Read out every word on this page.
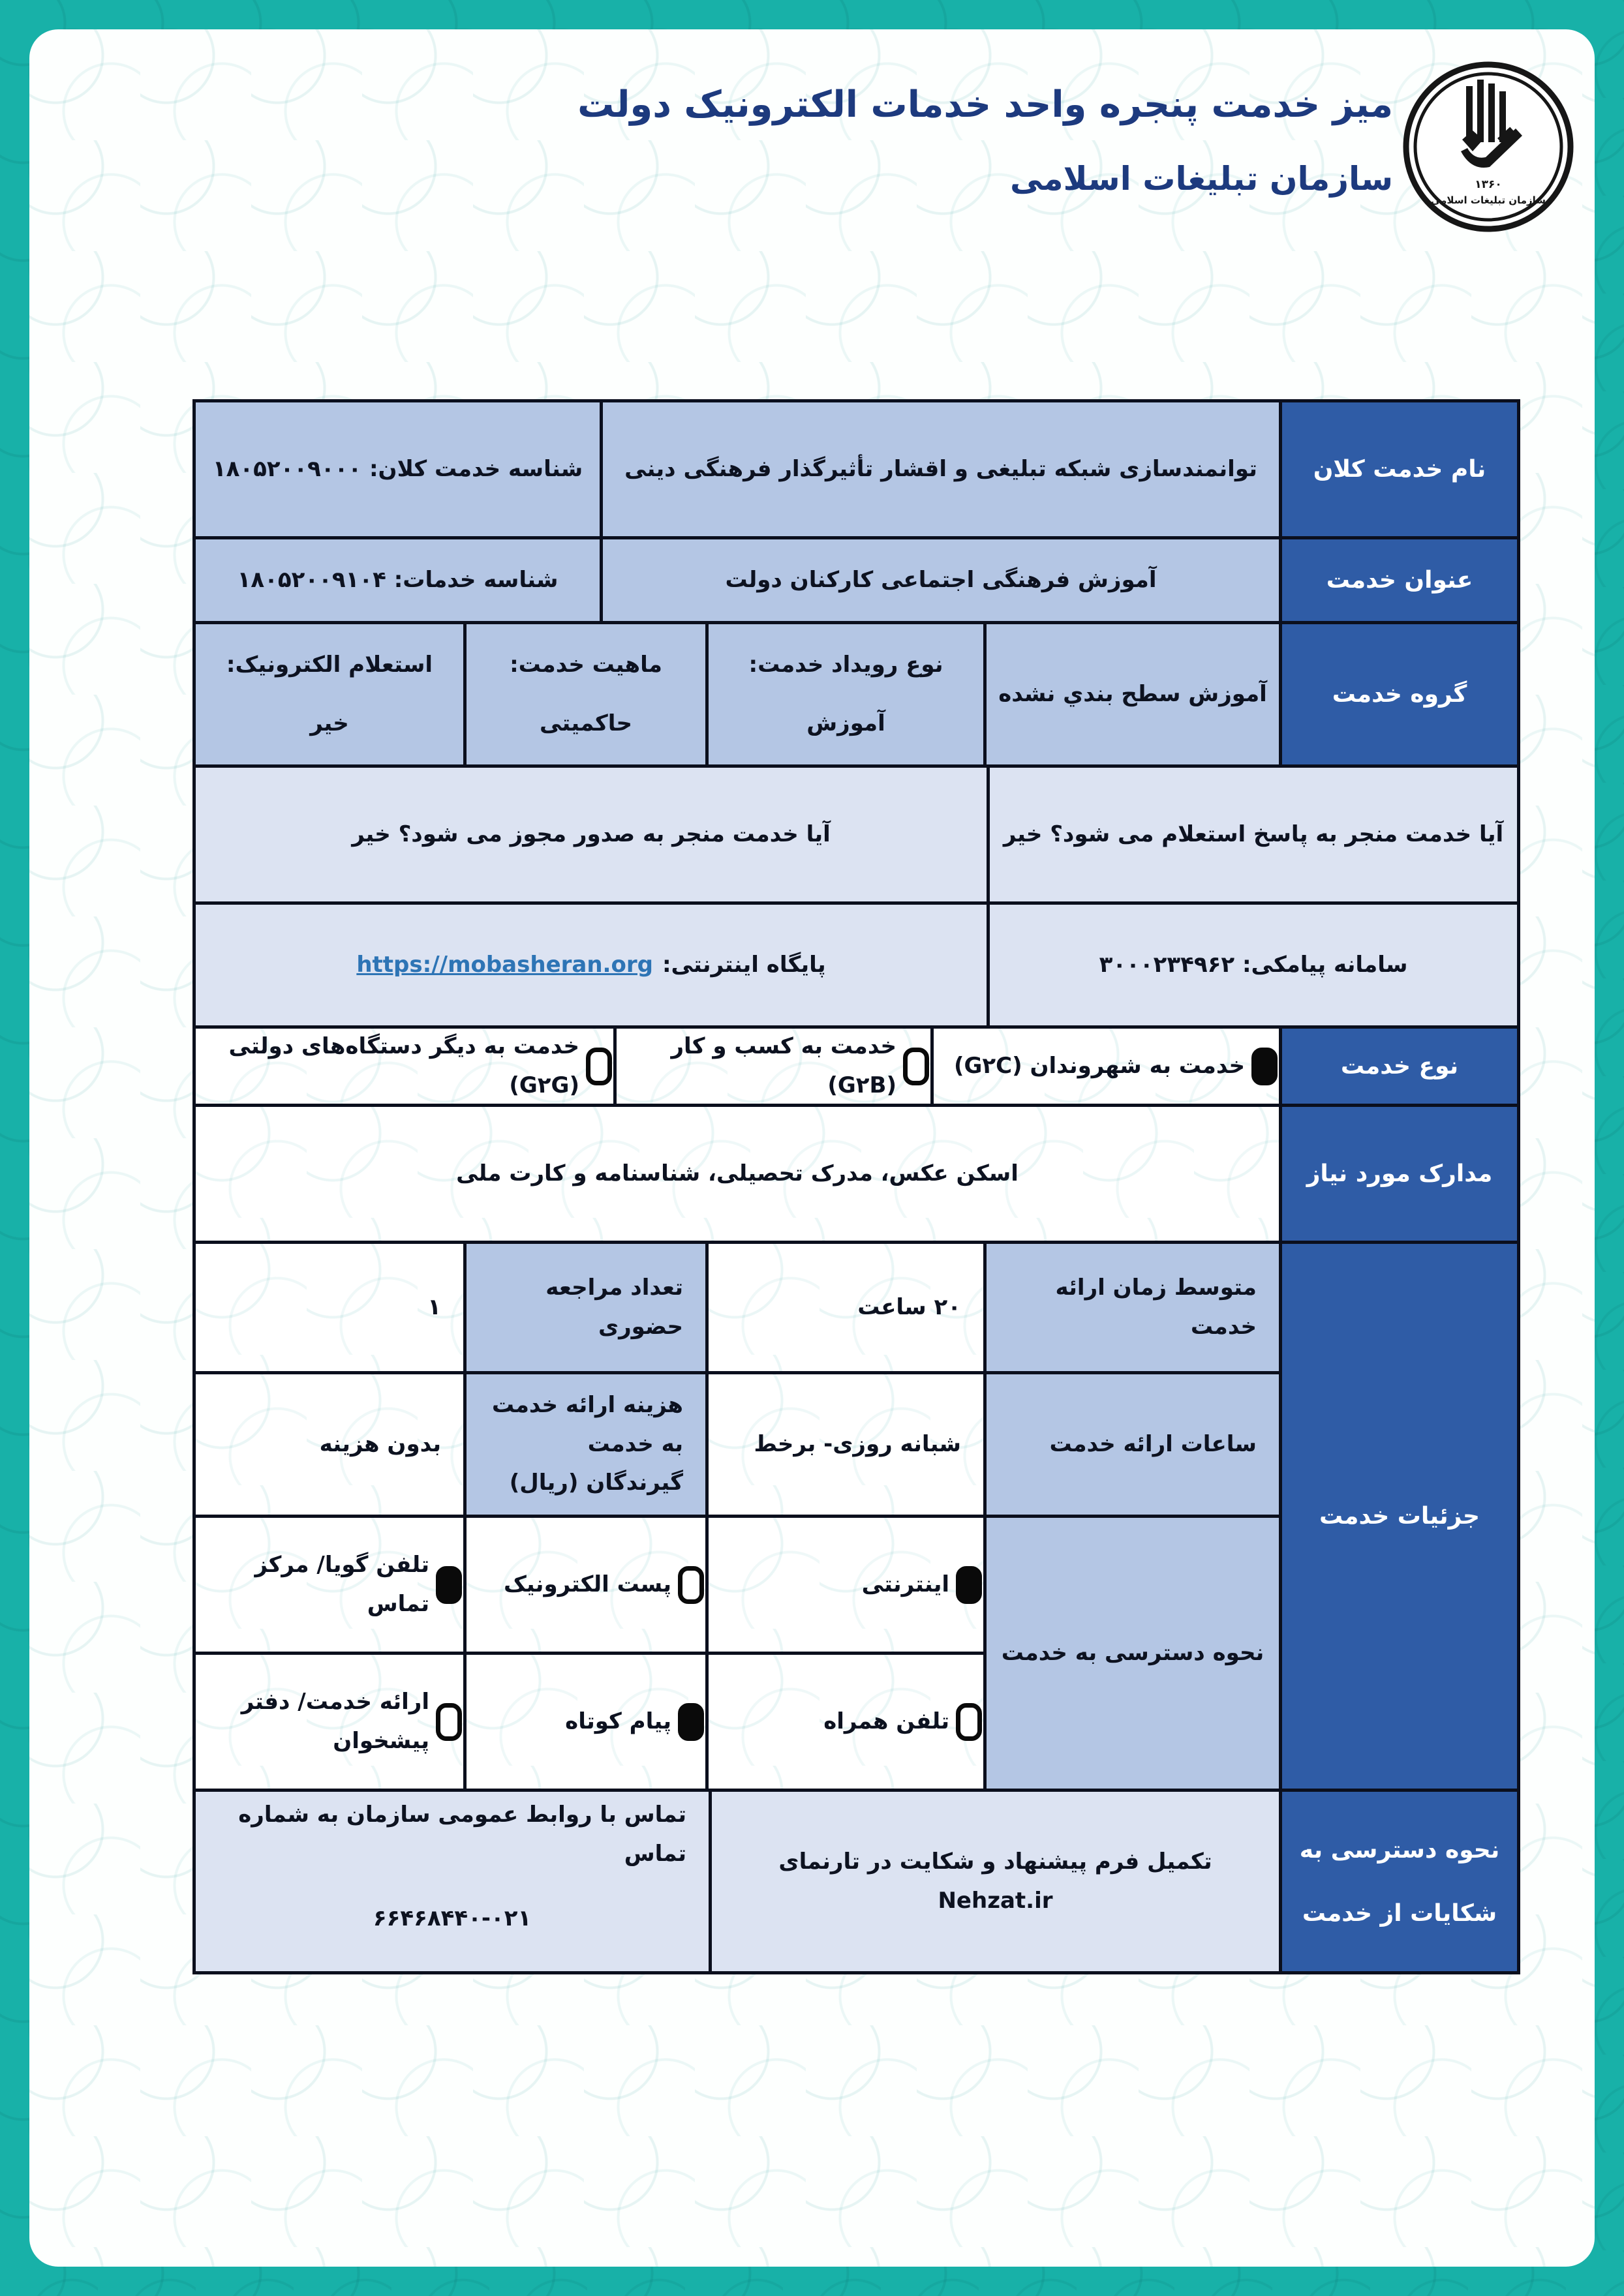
میز خدمت پنجره واحد خدمات الکترونیک دولت
سازمان تبلیغات اسلامی	۱۳۶۰
سازمان تبلیغات اسلامی
نام خدمت کلان
توانمندسازی شبکه تبلیغی و اقشار تأثیرگذار فرهنگی دینی
شناسه خدمت کلان: ۱۸۰۵۲۰۰۹۰۰۰
عنوان خدمت
آموزش فرهنگی اجتماعی کارکنان دولت
شناسه خدمات: ۱۸۰۵۲۰۰۹۱۰۴
گروه خدمت
آموزش سطح بندي نشده
نوع رویداد خدمت:
آموزش
ماهیت خدمت:
حاکمیتی
استعلام الکترونیک:
خیر
آیا خدمت منجر به پاسخ استعلام می شود؟ خیر
آیا خدمت منجر به صدور مجوز می شود؟ خیر
سامانه پیامکی: ۳۰۰۰۲۳۴۹۶۲
پایگاه اینترنتی:
https://mobasheran.org
نوع خدمت
خدمت به شهروندان (G۲C)
خدمت به کسب و کار (G۲B)
خدمت به دیگر دستگاه‌های دولتی (G۲G)
مدارک مورد نیاز
اسکن عکس، مدرک تحصیلی، شناسنامه و کارت ملی
جزئیات خدمت
متوسط زمان ارائه خدمت
۲۰ ساعت
تعداد مراجعه حضوری
۱
ساعات ارائه خدمت
شبانه روزی- برخط
هزینه ارائه خدمت به خدمت گیرندگان (ریال)
بدون هزینه
نحوه دسترسی به خدمت
اینترنتی
پست الکترونیک
تلفن گویا/ مرکز تماس
تلفن همراه
پیام کوتاه
ارائه خدمت/ دفتر پیشخوان
نحوه دسترسی به
شکایات از خدمت
تکمیل فرم پیشنهاد و شکایت در تارنمای Nehzat.ir
تماس با روابط عمومی سازمان به شماره تماس
۶۶۴۶۸۴۴۰-۰۲۱
